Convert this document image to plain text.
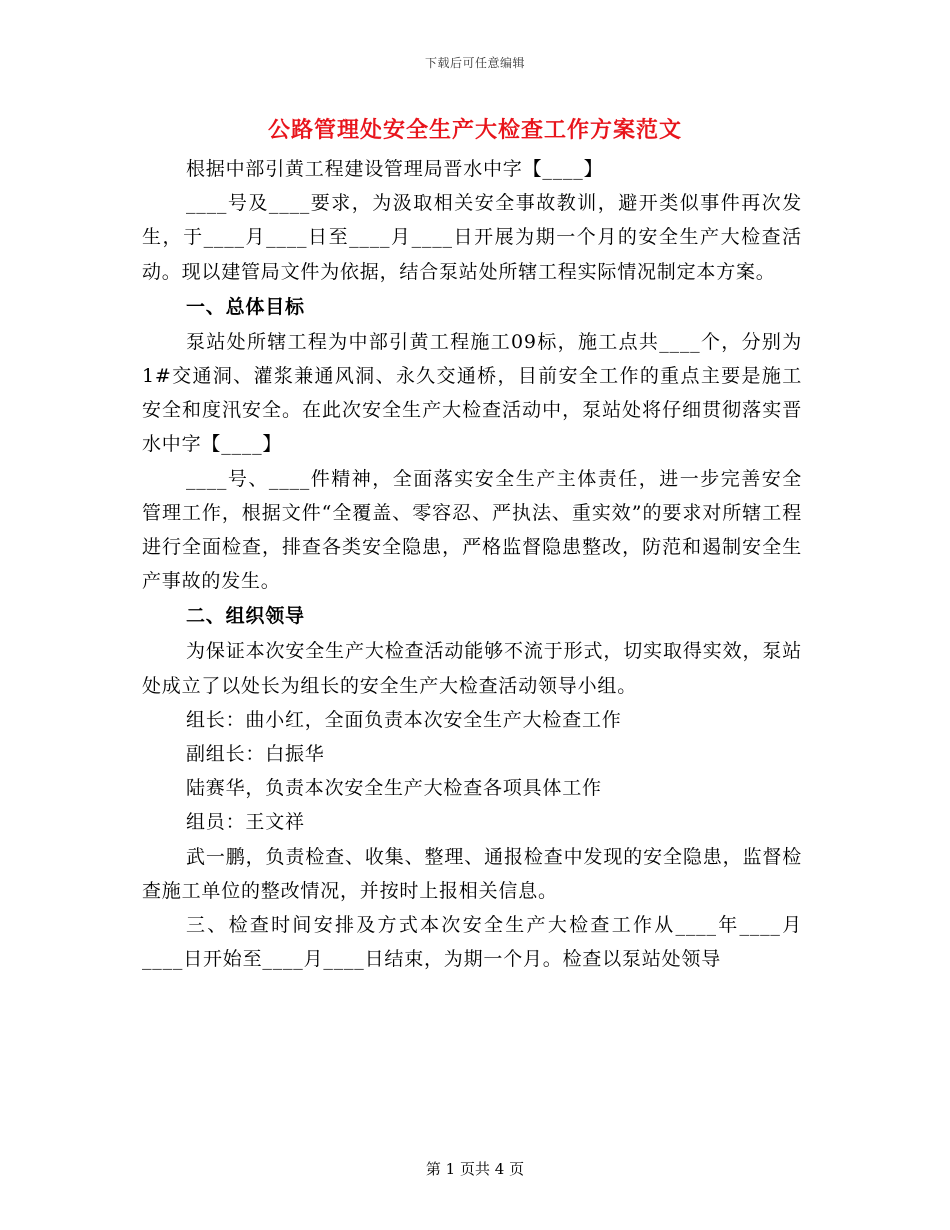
下载后可任意编辑
公路管理处安全生产大检查工作方案范文

根据中部引黄工程建设管理局晋水中字【____】

____号及____要求，为汲取相关安全事故教训，避开类似事件再次发生，于____月____日至____月____日开展为期一个月的安全生产大检查活动。现以建管局文件为依据，结合泵站处所辖工程实际情况制定本方案。

一、总体目标

泵站处所辖工程为中部引黄工程施工09标，施工点共____个，分别为1#交通洞、灌浆兼通风洞、永久交通桥，目前安全工作的重点主要是施工安全和度汛安全。在此次安全生产大检查活动中，泵站处将仔细贯彻落实晋水中字【____】

____号、____件精神，全面落实安全生产主体责任，进一步完善安全管理工作，根据文件“全覆盖、零容忍、严执法、重实效”的要求对所辖工程进行全面检查，排查各类安全隐患，严格监督隐患整改，防范和遏制安全生产事故的发生。

二、组织领导

为保证本次安全生产大检查活动能够不流于形式，切实取得实效，泵站处成立了以处长为组长的安全生产大检查活动领导小组。

组长：曲小红，全面负责本次安全生产大检查工作

副组长：白振华

陆赛华，负责本次安全生产大检查各项具体工作

组员：王文祥

武一鹏，负责检查、收集、整理、通报检查中发现的安全隐患，监督检查施工单位的整改情况，并按时上报相关信息。

三、检查时间安排及方式本次安全生产大检查工作从____年____月____日开始至____月____日结束，为期一个月。检查以泵站处领导

第 1 页共 4 页
